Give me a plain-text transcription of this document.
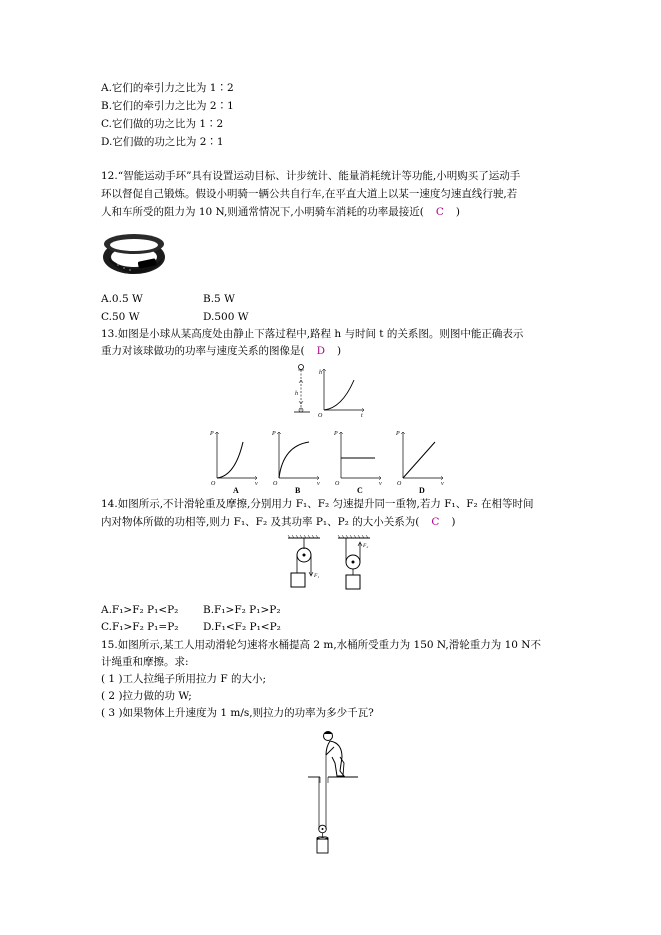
A.它们的牵引力之比为 1∶2
B.它们的牵引力之比为 2∶1
C.它们做的功之比为 1∶2
D.它们做的功之比为 2∶1
12.“智能运动手环”具有设置运动目标、计步统计、能量消耗统计等功能,小明购买了运动手
环以督促自己锻炼。假设小明骑一辆公共自行车,在平直大道上以某一速度匀速直线行驶,若
人和车所受的阻力为 10 N,则通常情况下,小明骑车消耗的功率最接近( C )
A.0.5 W	B.5 W
C.50 W	D.500 W
13.如图是小球从某高度处由静止下落过程中,路程 h 与时间 t 的关系图。则图中能正确表示
重力对该球做功的功率与速度关系的图像是( D )
h
O
h
t
P
O	v
A
P
O	v
B
P
O	v
C
P
O	v
D
14.如图所示,不计滑轮重及摩擦,分别用力 F₁、F₂ 匀速提升同一重物,若力 F₁、F₂ 在相等时间
内对物体所做的功相等,则力 F₁、F₂ 及其功率 P₁、P₂ 的大小关系为( C )
F₁
F₂
A.F₁>F₂ P₁<P₂ B.F₁>F₂ P₁>P₂
C.F₁>F₂ P₁=P₂ D.F₁<F₂ P₁<P₂
15.如图所示,某工人用动滑轮匀速将水桶提高 2 m,水桶所受重力为 150 N,滑轮重力为 10 N不
计绳重和摩擦。求:
( 1 )工人拉绳子所用拉力 F 的大小;
( 2 )拉力做的功 W;
( 3 )如果物体上升速度为 1 m/s,则拉力的功率为多少千瓦?
